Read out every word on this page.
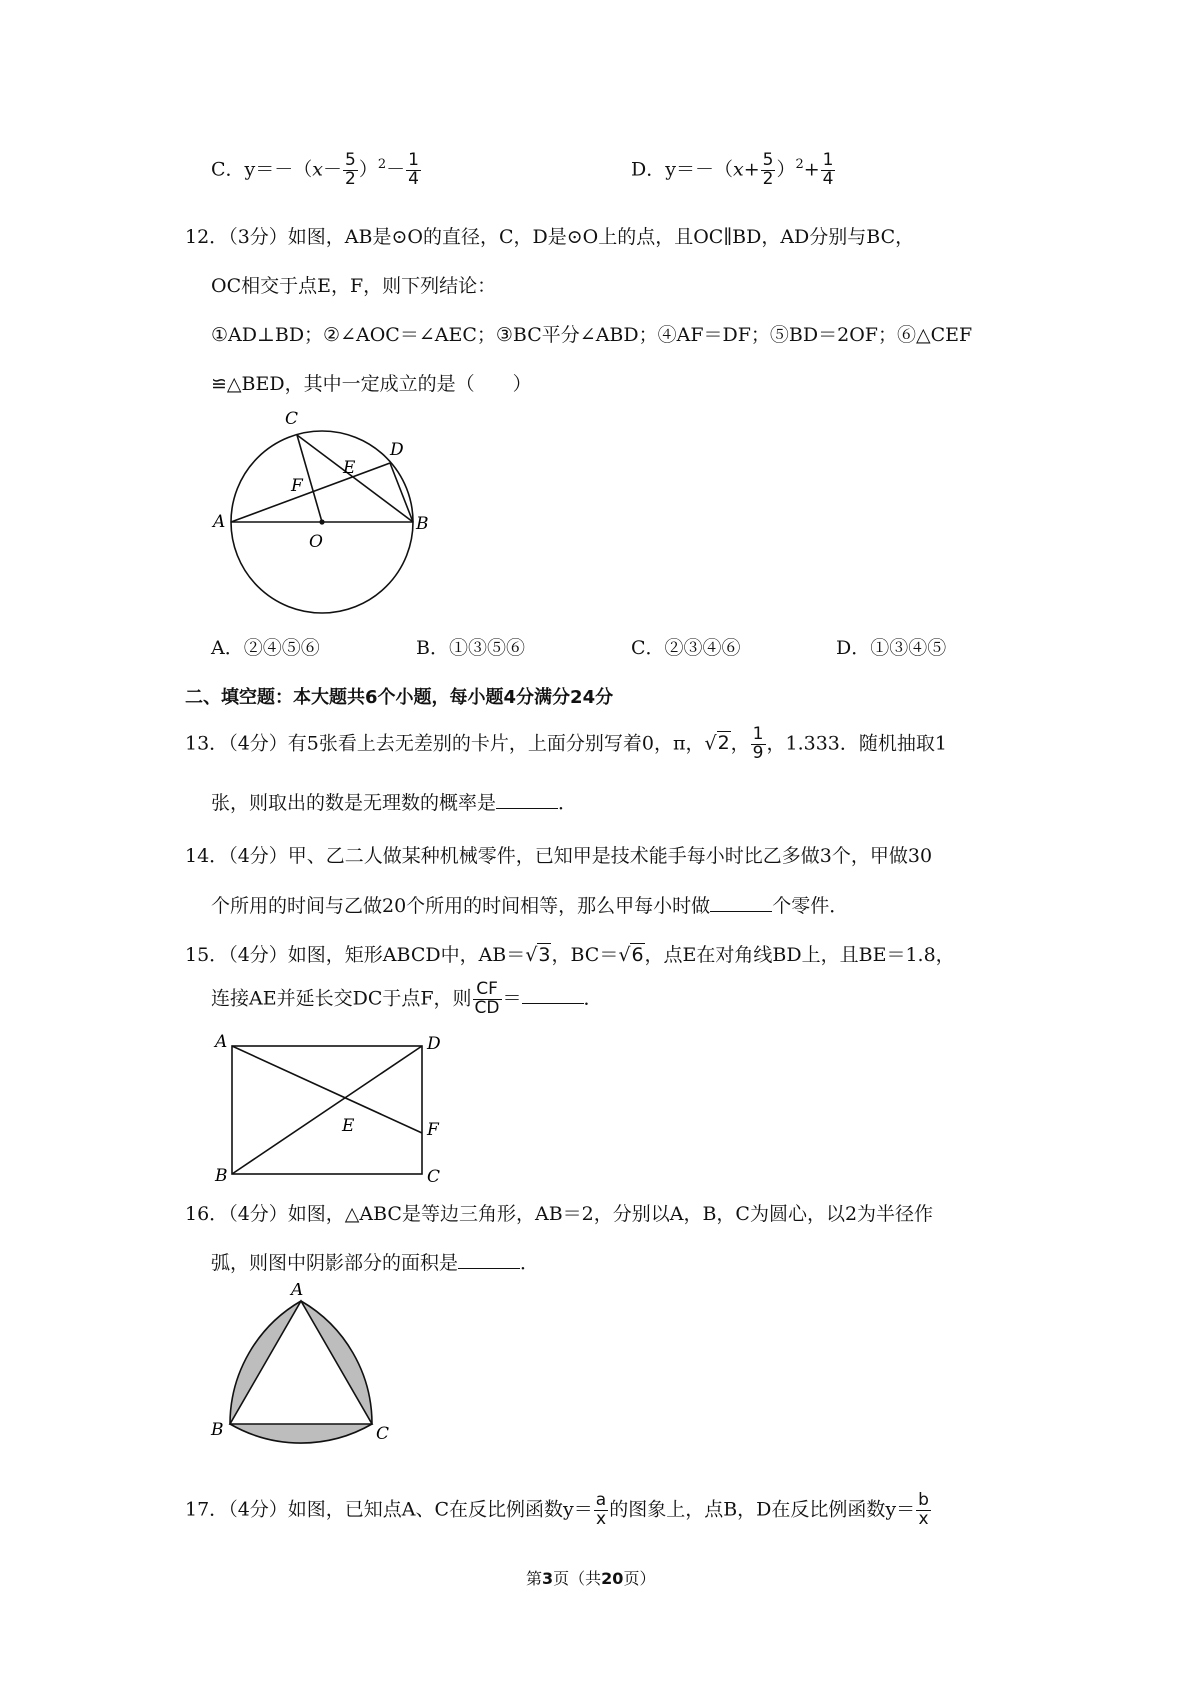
C．$y=-(x- \frac{5}{2} )^2- \frac{1}{4}$	D．$y=-(x+ \frac{5}{2} )^2+ \frac{1}{4}$
12．（3分）如图，AB是⊙O的直径，C，D是⊙O上的点，且OC∥BD，AD分别与BC，
OC相交于点E，F，则下列结论：
①AD⊥BD；②∠AOC＝∠AEC；③BC平分∠ABD；④AF＝DF；⑤BD＝2OF；⑥△CEF
≌△BED，其中一定成立的是（　　）
C
D
E
F
A
O
B
A．②④⑤⑥	B．①③⑤⑥	C．②③④⑥	D．①③④⑤
二、填空题：本大题共6个小题，每小题4分满分24分
13．（4分）有5张看上去无差别的卡片，上面分别写着0，π，√2， $\frac{1}{9}$ ，1.333．随机抽取1
张，则取出的数是无理数的概率是	．
14．（4分）甲、乙二人做某种机械零件，已知甲是技术能手每小时比乙多做3个，甲做30
个所用的时间与乙做20个所用的时间相等，那么甲每小时做	个零件．
15．（4分）如图，矩形ABCD中，AB＝√3，BC＝√6，点E在对角线BD上，且BE＝1.8，
连接AE并延长交DC于点F，则 $\frac{CF}{CD}$ ＝	．
A	D
E	F
B	C
16．（4分）如图，△ABC是等边三角形，AB＝2，分别以A，B，C为圆心，以2为半径作
弧，则图中阴影部分的面积是	．
A
B	C
17．（4分）如图，已知点A、C在反比例函数$y= \frac{a}{x}$ 的图象上，点B，D在反比例函数$y= \frac{b}{x}$
第3页（共20页）
